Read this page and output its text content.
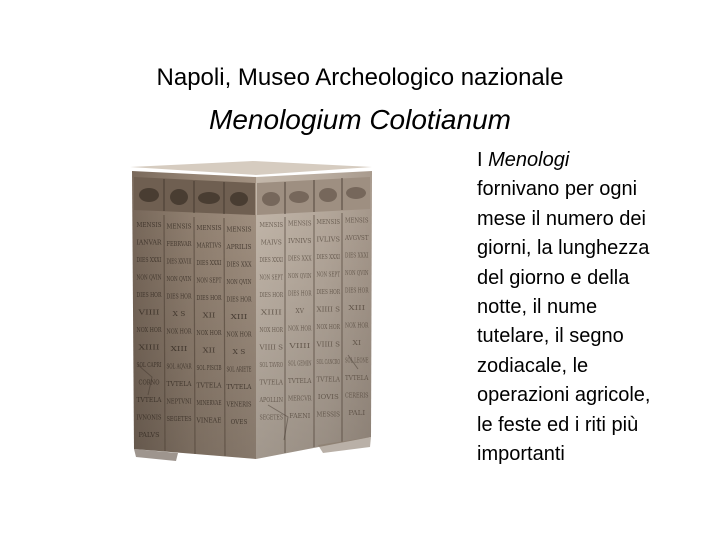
Napoli, Museo Archeologico nazionale
Menologium Colotianum
MENSIS
IANVAR
DIES XXXI
NON QVIN
DIES HOR
VIIII
NOX HOR
XIIII
SOL CAPRI
CORNO
TVTELA
IVNONIS
PALVS
MENSIS
FEBRVAR
DIES XXVIII
NON QVIN
DIES HOR
X S
NOX HOR
XIII
SOL AQVAR
TVTELA
NEPTVNI
SEGETES
MENSIS
MARTIVS
DIES XXXI
NON SEPT
DIES HOR
XII
NOX HOR
XII
SOL PISCIB
TVTELA
MINERVAE
VINEAE
MENSIS
APRILIS
DIES XXX
NON QVIN
DIES HOR
XIII
NOX HOR
X S
SOL ARIETE
TVTELA
VENERIS
OVES
MENSIS
MAIVS
DIES XXXI
NON SEPT
DIES HOR
XIIII
NOX HOR
VIIII S
SOL TAVRO
TVTELA
APOLLIN
SEGETES
MENSIS
IVNIVS
DIES XXX
NON QVIN
DIES HOR
XV
NOX HOR
VIIII
SOL GEMIN
TVTELA
MERCVR
FAENI
MENSIS
IVLIVS
DIES XXXI
NON SEPT
DIES HOR
XIIII S
NOX HOR
VIIII S
SOL CANCRO
TVTELA
IOVIS
MESSIS
MENSIS
AVGVST
DIES XXXI
NON QVIN
DIES HOR
XIII
NOX HOR
XI
SOL LEONE
TVTELA
CERERIS
PALI
I Menologi
fornivano per ogni
mese il numero dei
giorni, la lunghezza
del giorno e della
notte, il nume
tutelare, il segno
zodiacale, le
operazioni agricole,
le feste ed i riti più
importanti
